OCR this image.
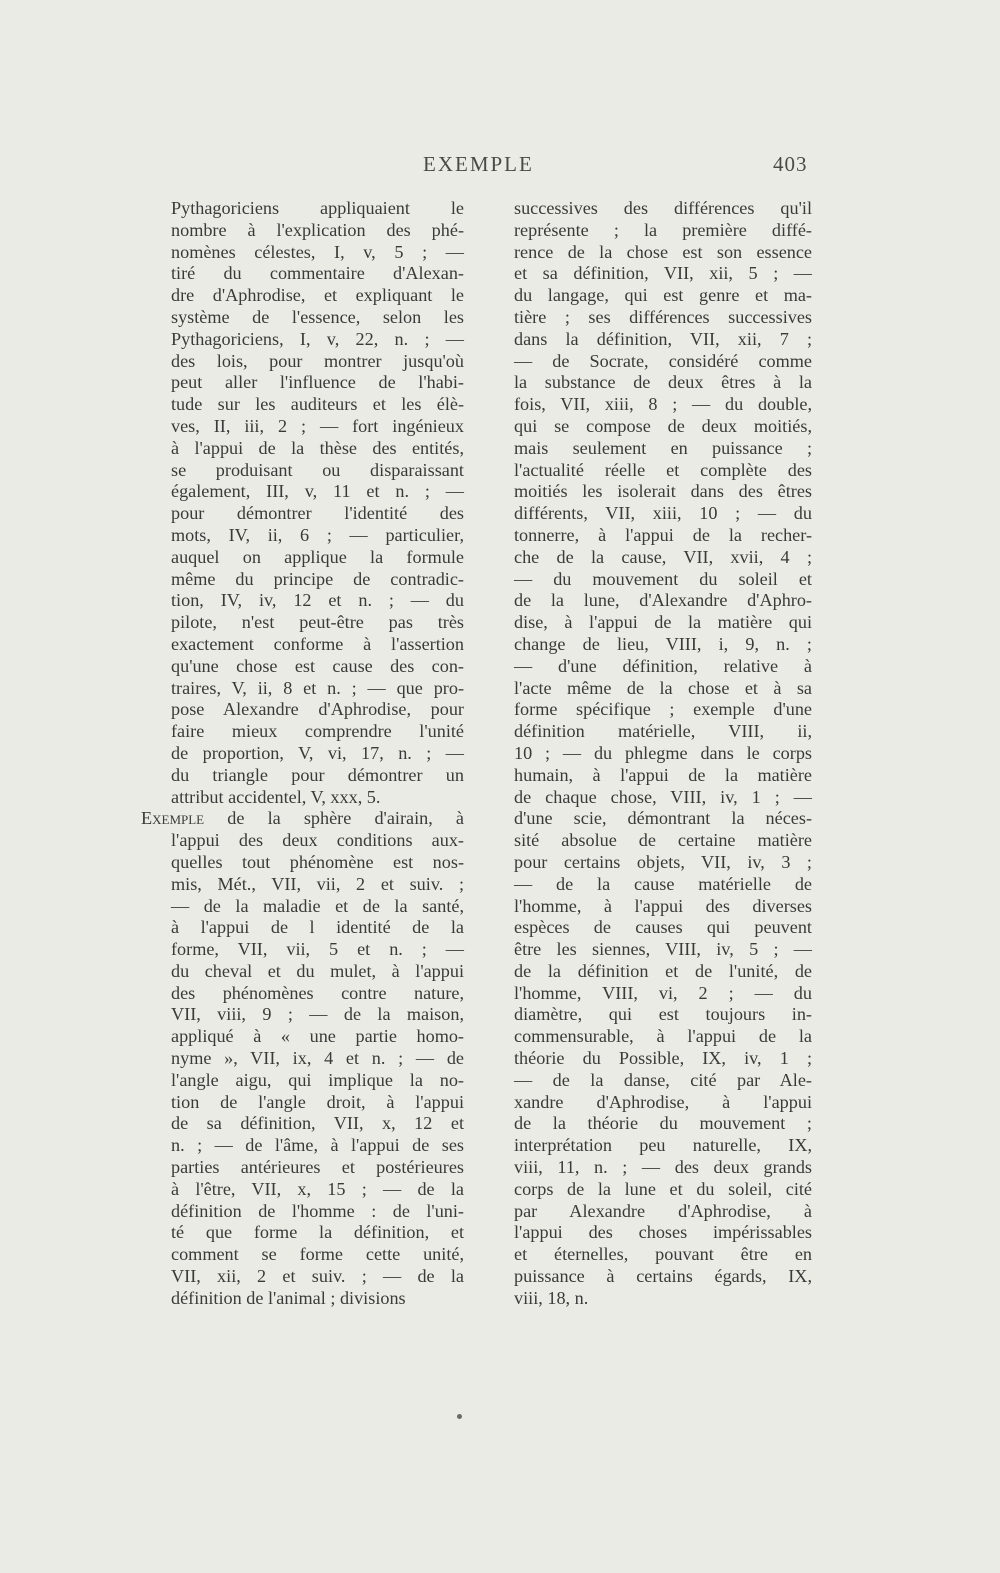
EXEMPLE	403
Pythagoriciens appliquaient le
nombre à l'explication des phé-
nomènes célestes, I, v, 5 ; —
tiré du commentaire d'Alexan-
dre d'Aphrodise, et expliquant le
système de l'essence, selon les
Pythagoriciens, I, v, 22, n. ; —
des lois, pour montrer jusqu'où
peut aller l'influence de l'habi-
tude sur les auditeurs et les élè-
ves, II, iii, 2 ; — fort ingénieux
à l'appui de la thèse des entités,
se produisant ou disparaissant
également, III, v, 11 et n. ; —
pour démontrer l'identité des
mots, IV, ii, 6 ; — particulier,
auquel on applique la formule
même du principe de contradic-
tion, IV, iv, 12 et n. ; — du
pilote, n'est peut-être pas très
exactement conforme à l'assertion
qu'une chose est cause des con-
traires, V, ii, 8 et n. ; — que pro-
pose Alexandre d'Aphrodise, pour
faire mieux comprendre l'unité
de proportion, V, vi, 17, n. ; —
du triangle pour démontrer un
attribut accidentel, V, xxx, 5.
Exemple de la sphère d'airain, à
l'appui des deux conditions aux-
quelles tout phénomène est nos-
mis, Mét., VII, vii, 2 et suiv. ;
— de la maladie et de la santé,
à l'appui de l identité de la
forme, VII, vii, 5 et n. ; —
du cheval et du mulet, à l'appui
des phénomènes contre nature,
VII, viii, 9 ; — de la maison,
appliqué à « une partie homo-
nyme », VII, ix, 4 et n. ; — de
l'angle aigu, qui implique la no-
tion de l'angle droit, à l'appui
de sa définition, VII, x, 12 et
n. ; — de l'âme, à l'appui de ses
parties antérieures et postérieures
à l'être, VII, x, 15 ; — de la
définition de l'homme : de l'uni-
té que forme la définition, et
comment se forme cette unité,
VII, xii, 2 et suiv. ; — de la
définition de l'animal ; divisions
successives des différences qu'il
représente ; la première diffé-
rence de la chose est son essence
et sa définition, VII, xii, 5 ; —
du langage, qui est genre et ma-
tière ; ses différences successives
dans la définition, VII, xii, 7 ;
— de Socrate, considéré comme
la substance de deux êtres à la
fois, VII, xiii, 8 ; — du double,
qui se compose de deux moitiés,
mais seulement en puissance ;
l'actualité réelle et complète des
moitiés les isolerait dans des êtres
différents, VII, xiii, 10 ; — du
tonnerre, à l'appui de la recher-
che de la cause, VII, xvii, 4 ;
— du mouvement du soleil et
de la lune, d'Alexandre d'Aphro-
dise, à l'appui de la matière qui
change de lieu, VIII, i, 9, n. ;
— d'une définition, relative à
l'acte même de la chose et à sa
forme spécifique ; exemple d'une
définition matérielle, VIII, ii,
10 ; — du phlegme dans le corps
humain, à l'appui de la matière
de chaque chose, VIII, iv, 1 ; —
d'une scie, démontrant la néces-
sité absolue de certaine matière
pour certains objets, VII, iv, 3 ;
— de la cause matérielle de
l'homme, à l'appui des diverses
espèces de causes qui peuvent
être les siennes, VIII, iv, 5 ; —
de la définition et de l'unité, de
l'homme, VIII, vi, 2 ; — du
diamètre, qui est toujours in-
commensurable, à l'appui de la
théorie du Possible, IX, iv, 1 ;
— de la danse, cité par Ale-
xandre d'Aphrodise, à l'appui
de la théorie du mouvement ;
interprétation peu naturelle, IX,
viii, 11, n. ; — des deux grands
corps de la lune et du soleil, cité
par Alexandre d'Aphrodise, à
l'appui des choses impérissables
et éternelles, pouvant être en
puissance à certains égards, IX,
viii, 18, n.
